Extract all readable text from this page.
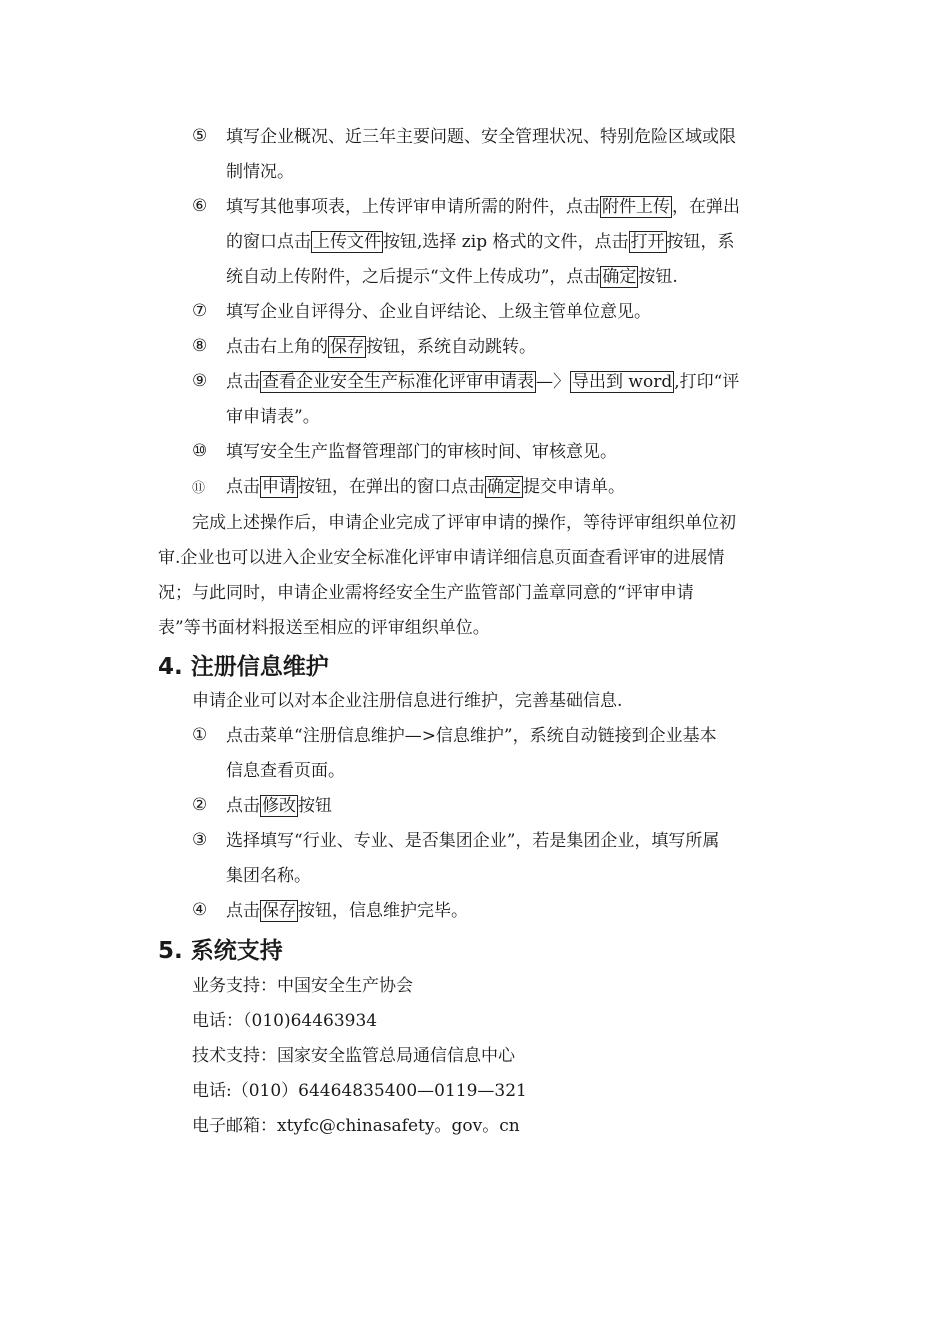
⑤	填写企业概况、近三年主要问题、安全管理状况、特别危险区域或限
制情况。
⑥	填写其他事项表，上传评审申请所需的附件，点击 附件上传 ，在弹出
的窗口点击 上传文件 按钮,选择 zip 格式的文件，点击 打开 按钮，系
统自动上传附件，之后提示“文件上传成功”，点击 确定 按钮.
⑦	填写企业自评得分、企业自评结论、上级主管单位意见。
⑧	点击右上角的 保存 按钮，系统自动跳转。
⑨	点击 查看企业安全生产标准化评审申请表 —〉 导出到 word ,打印“评
审申请表”。
⑩	填写安全生产监督管理部门的审核时间、审核意见。
⑪	点击 申请 按钮，在弹出的窗口点击 确定 提交申请单。
完成上述操作后，申请企业完成了评审申请的操作，等待评审组织单位初
审.企业也可以进入企业安全标准化评审申请详细信息页面查看评审的进展情
况；与此同时，申请企业需将经安全生产监管部门盖章同意的“评审申请
表”等书面材料报送至相应的评审组织单位。
4. 注册信息维护
申请企业可以对本企业注册信息进行维护，完善基础信息.
①	点击菜单“注册信息维护—>信息维护”，系统自动链接到企业基本
信息查看页面。
②	点击 修改 按钮
③	选择填写“行业、专业、是否集团企业”，若是集团企业，填写所属
集团名称。
④	点击 保存 按钮，信息维护完毕。
5. 系统支持
业务支持：中国安全生产协会
电话：（010)64463934
技术支持：国家安全监管总局通信信息中心
电话:（010）64464835400—0119—321
电子邮箱：xtyfc@chinasafety。gov。cn
